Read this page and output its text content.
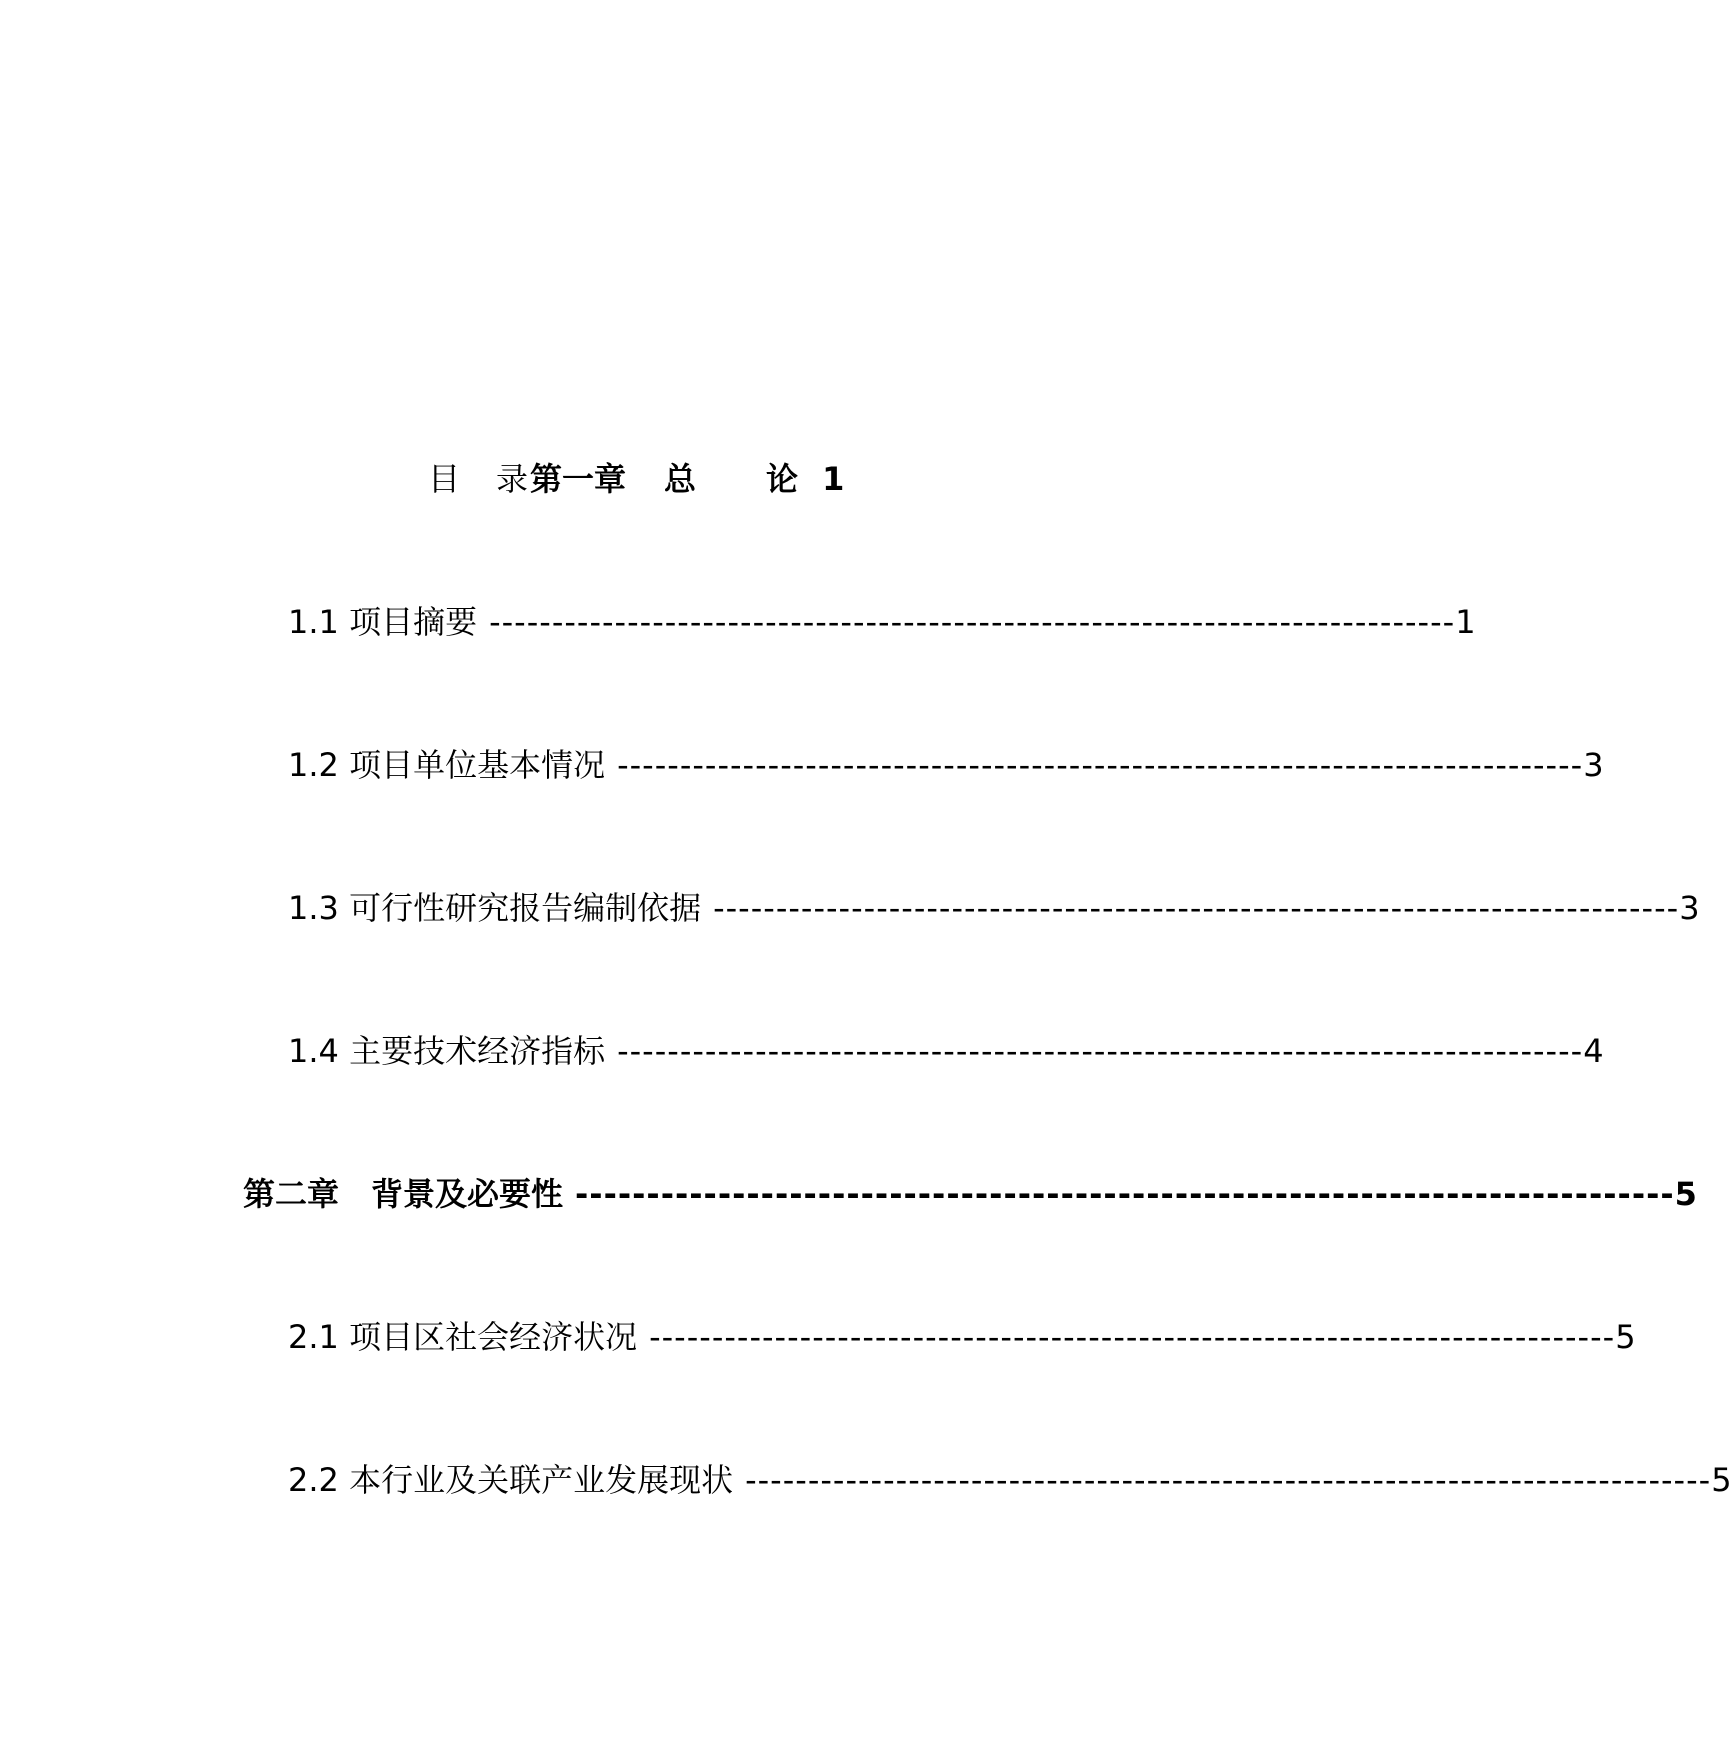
目　录第一章 总 论 1
1.1 项目摘要 ----------------------------------------------------------------------------- 1
1.2 项目单位基本情况 ----------------------------------------------------------------------------- 3
1.3 可行性研究报告编制依据 ----------------------------------------------------------------------------- 3
1.4 主要技术经济指标 ----------------------------------------------------------------------------- 4
第二章　背景及必要性 ----------------------------------------------------------------------------- 5
2.1 项目区社会经济状况 ----------------------------------------------------------------------------- 5
2.2 本行业及关联产业发展现状 ----------------------------------------------------------------------------- 5
